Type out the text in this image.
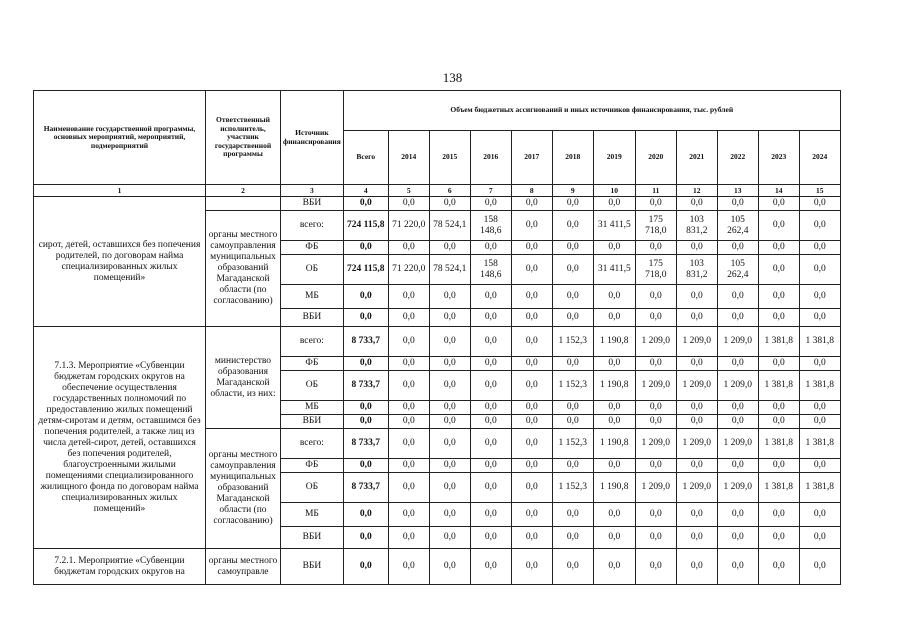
138
Наименование государственной программы, основных мероприятий, мероприятий, подмероприятий	Ответственный исполнитель, участник государственной программы	Источник финансирования	Объем бюджетных ассигнований и иных источников финансирования, тыс. рублей											
			Всего	2014	2015	2016	2017	2018	2019	2020	2021	2022	2023	2024
1	2	3	4	5	6	7	8	9	10	11	12	13	14	15
сирот, детей, оставшихся без попечения родителей, по договорам найма специализированных жилых помещений»		ВБИ	0,0	0,0	0,0	0,0	0,0	0,0	0,0	0,0	0,0	0,0	0,0	0,0
	органы местного самоуправления муниципальных образований Магаданской области (по согласованию)	всего:	724 115,8	71 220,0	78 524,1	158 148,6	0,0	0,0	31 411,5	175 718,0	103 831,2	105 262,4	0,0	0,0
		ФБ	0,0	0,0	0,0	0,0	0,0	0,0	0,0	0,0	0,0	0,0	0,0	0,0
		ОБ	724 115,8	71 220,0	78 524,1	158 148,6	0,0	0,0	31 411,5	175 718,0	103 831,2	105 262,4	0,0	0,0
		МБ	0,0	0,0	0,0	0,0	0,0	0,0	0,0	0,0	0,0	0,0	0,0	0,0
		ВБИ	0,0	0,0	0,0	0,0	0,0	0,0	0,0	0,0	0,0	0,0	0,0	0,0
7.1.3. Мероприятие «Субвенции бюджетам городских округов на обеспечение осуществления государственных полномочий по предоставлению жилых помещений детям-сиротам и детям, оставшимся без попечения родителей, а также лиц из числа детей-сирот, детей, оставшихся без попечения родителей, благоустроенными жилыми помещениями специализированного жилищного фонда по договорам найма специализированных жилых помещений»	министерство образования Магаданской области, из них:	всего:	8 733,7	0,0	0,0	0,0	0,0	1 152,3	1 190,8	1 209,0	1 209,0	1 209,0	1 381,8	1 381,8
		ФБ	0,0	0,0	0,0	0,0	0,0	0,0	0,0	0,0	0,0	0,0	0,0	0,0
		ОБ	8 733,7	0,0	0,0	0,0	0,0	1 152,3	1 190,8	1 209,0	1 209,0	1 209,0	1 381,8	1 381,8
		МБ	0,0	0,0	0,0	0,0	0,0	0,0	0,0	0,0	0,0	0,0	0,0	0,0
		ВБИ	0,0	0,0	0,0	0,0	0,0	0,0	0,0	0,0	0,0	0,0	0,0	0,0
	органы местного самоуправления муниципальных образований Магаданской области (по согласованию)	всего:	8 733,7	0,0	0,0	0,0	0,0	1 152,3	1 190,8	1 209,0	1 209,0	1 209,0	1 381,8	1 381,8
		ФБ	0,0	0,0	0,0	0,0	0,0	0,0	0,0	0,0	0,0	0,0	0,0	0,0
		ОБ	8 733,7	0,0	0,0	0,0	0,0	1 152,3	1 190,8	1 209,0	1 209,0	1 209,0	1 381,8	1 381,8
		МБ	0,0	0,0	0,0	0,0	0,0	0,0	0,0	0,0	0,0	0,0	0,0	0,0
		ВБИ	0,0	0,0	0,0	0,0	0,0	0,0	0,0	0,0	0,0	0,0	0,0	0,0
7.2.1. Мероприятие «Субвенции бюджетам городских округов на	органы местного самоуправле	ВБИ	0,0	0,0	0,0	0,0	0,0	0,0	0,0	0,0	0,0	0,0	0,0	0,0
